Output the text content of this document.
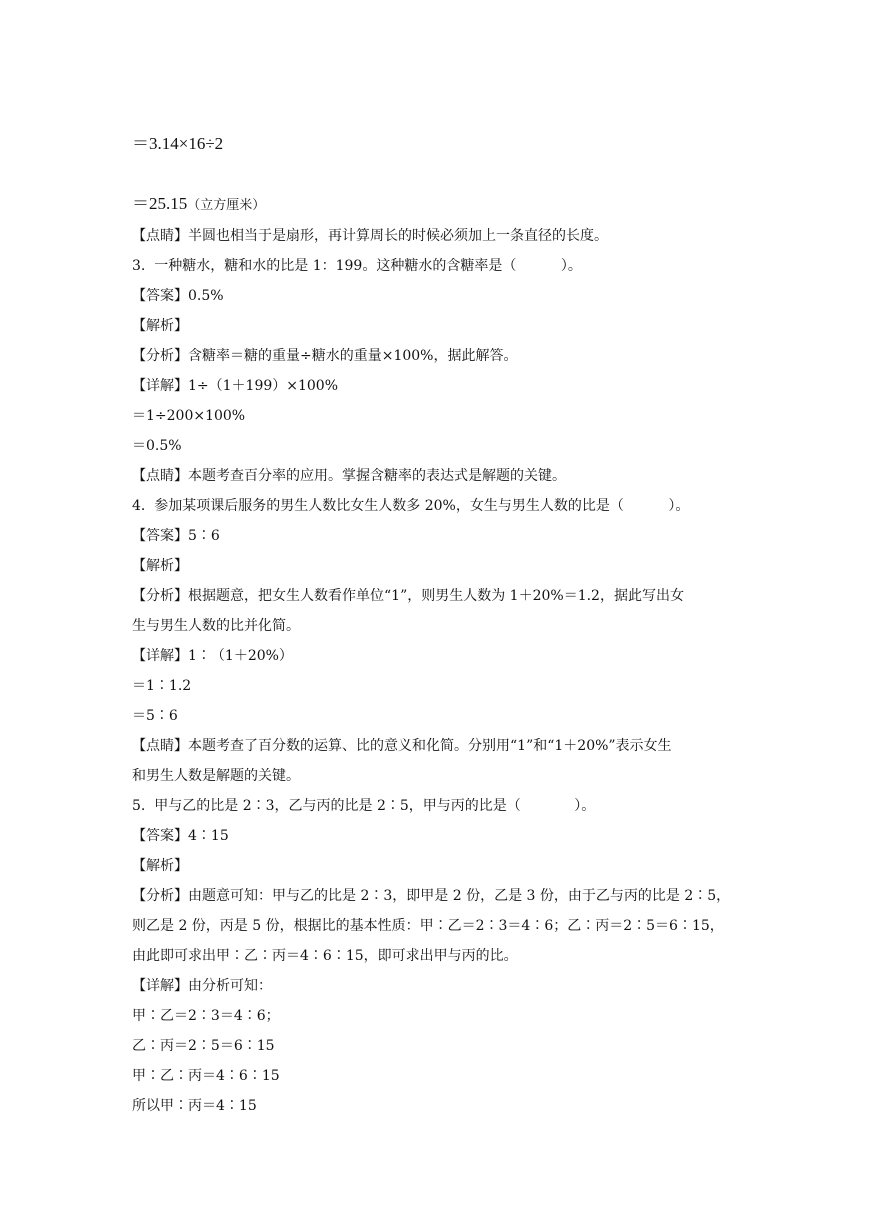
＝3.14×16÷2
＝25.15（立方厘米）
【点睛】半圆也相当于是扇形，再计算周长的时候必须加上一条直径的长度。
3.  一种糖水，糖和水的比是 1：199。这种糖水的含糖率是（          ）。
【答案】0.5%
【解析】
【分析】含糖率＝糖的重量÷糖水的重量×100%，据此解答。
【详解】1÷（1＋199）×100%
＝1÷200×100%
＝0.5%
【点睛】本题考查百分率的应用。掌握含糖率的表达式是解题的关键。
4.  参加某项课后服务的男生人数比女生人数多 20%，女生与男生人数的比是（          ）。
【答案】5∶6
【解析】
【分析】根据题意，把女生人数看作单位“1”，则男生人数为 1＋20%＝1.2，据此写出女
生与男生人数的比并化简。
【详解】1∶（1＋20%）
＝1∶1.2
＝5∶6
【点睛】本题考查了百分数的运算、比的意义和化简。分别用“1”和“1＋20%”表示女生
和男生人数是解题的关键。
5.  甲与乙的比是 2∶3，乙与丙的比是 2∶5，甲与丙的比是（            ）。
【答案】4∶15
【解析】
【分析】由题意可知：甲与乙的比是 2∶3，即甲是 2 份，乙是 3 份，由于乙与丙的比是 2∶5，
则乙是 2 份，丙是 5 份，根据比的基本性质：甲∶乙＝2∶3＝4∶6；乙∶丙＝2∶5＝6∶15，
由此即可求出甲∶乙∶丙＝4∶6∶15，即可求出甲与丙的比。
【详解】由分析可知：
甲∶乙＝2∶3＝4∶6；
乙∶丙＝2∶5＝6∶15
甲∶乙∶丙＝4∶6∶15
所以甲∶丙＝4∶15
